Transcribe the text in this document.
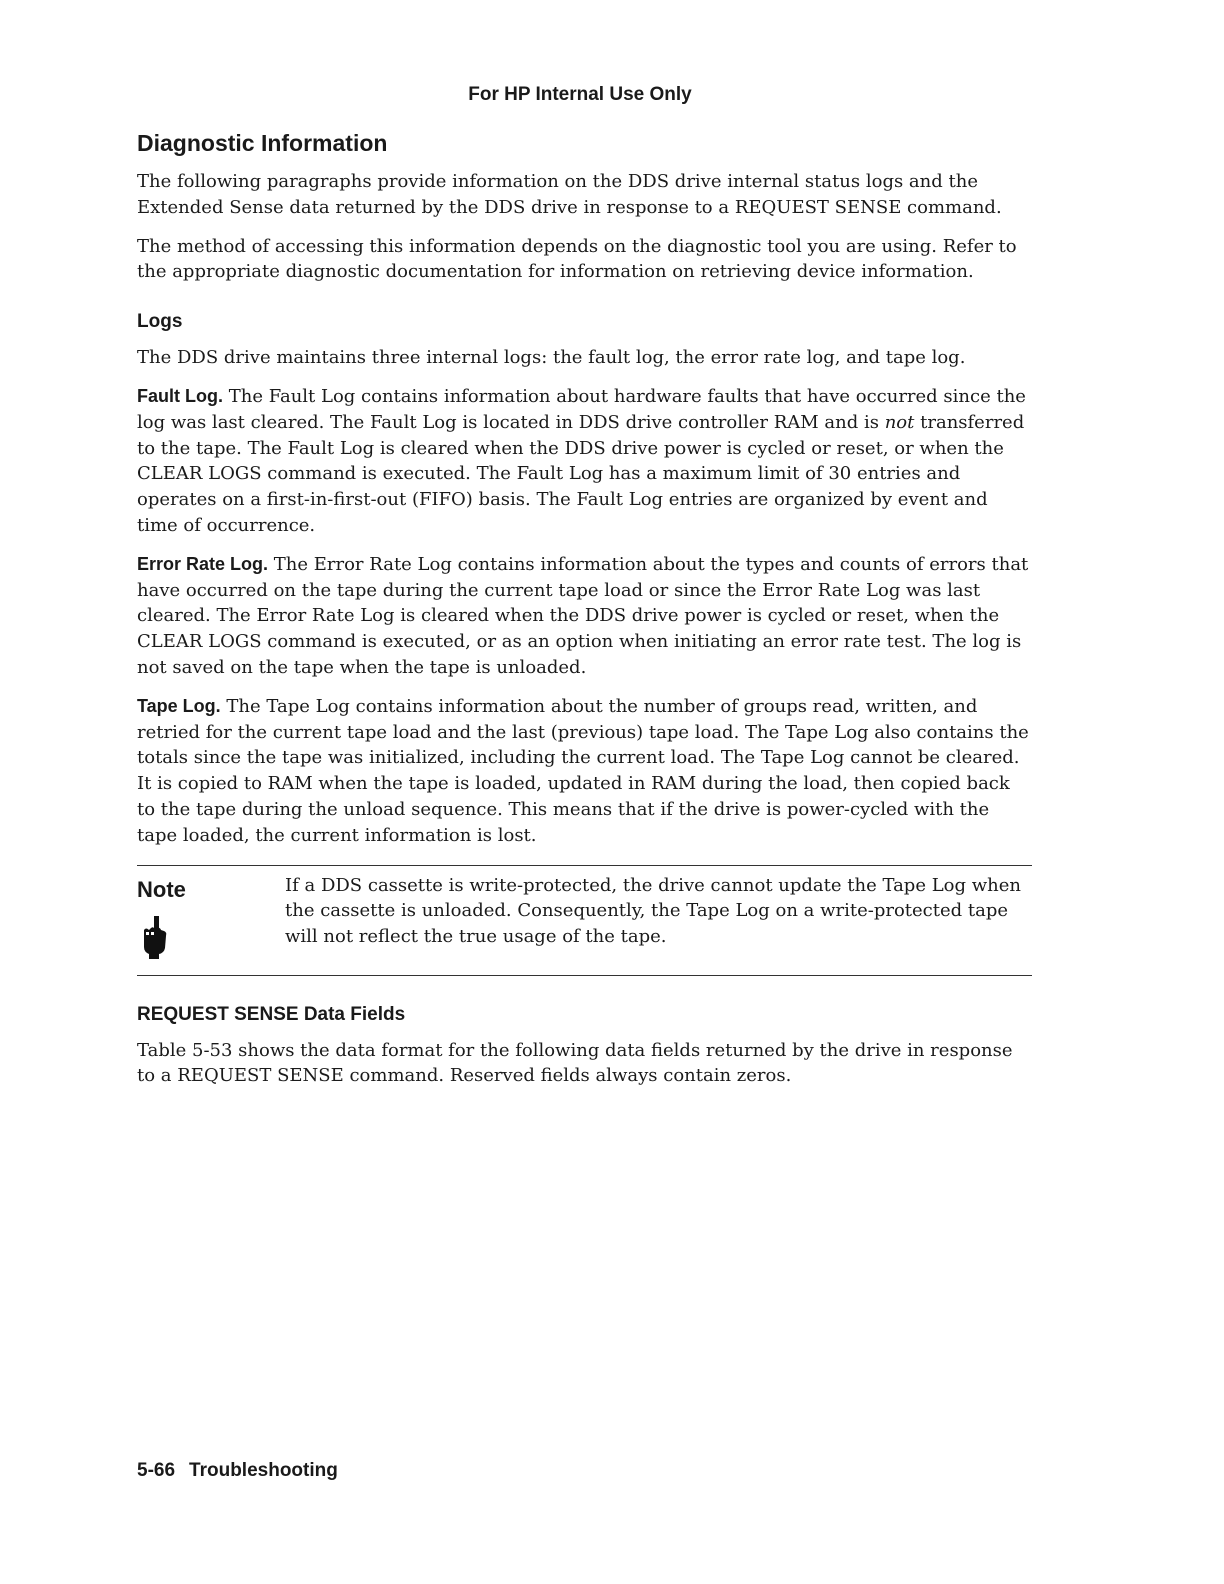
For HP Internal Use Only
Diagnostic Information

The following paragraphs provide information on the DDS drive internal status logs and the Extended Sense data returned by the DDS drive in response to a REQUEST SENSE command.

The method of accessing this information depends on the diagnostic tool you are using. Refer to the appropriate diagnostic documentation for information on retrieving device information.

Logs

The DDS drive maintains three internal logs: the fault log, the error rate log, and tape log.

Fault Log. The Fault Log contains information about hardware faults that have occurred since the log was last cleared. The Fault Log is located in DDS drive controller RAM and is not transferred to the tape. The Fault Log is cleared when the DDS drive power is cycled or reset, or when the CLEAR LOGS command is executed. The Fault Log has a maximum limit of 30 entries and operates on a first-in-first-out (FIFO) basis. The Fault Log entries are organized by event and time of occurrence.

Error Rate Log. The Error Rate Log contains information about the types and counts of errors that have occurred on the tape during the current tape load or since the Error Rate Log was last cleared. The Error Rate Log is cleared when the DDS drive power is cycled or reset, when the CLEAR LOGS command is executed, or as an option when initiating an error rate test. The log is not saved on the tape when the tape is unloaded.

Tape Log. The Tape Log contains information about the number of groups read, written, and retried for the current tape load and the last (previous) tape load. The Tape Log also contains the totals since the tape was initialized, including the current load. The Tape Log cannot be cleared. It is copied to RAM when the tape is loaded, updated in RAM during the load, then copied back to the tape during the unload sequence. This means that if the drive is power-cycled with the tape loaded, the current information is lost.

Note	If a DDS cassette is write-protected, the drive cannot update the Tape Log when the cassette is unloaded. Consequently, the Tape Log on a write-protected tape will not reflect the true usage of the tape.

REQUEST SENSE Data Fields

Table 5-53 shows the data format for the following data fields returned by the drive in response to a REQUEST SENSE command. Reserved fields always contain zeros.

5-66 Troubleshooting
